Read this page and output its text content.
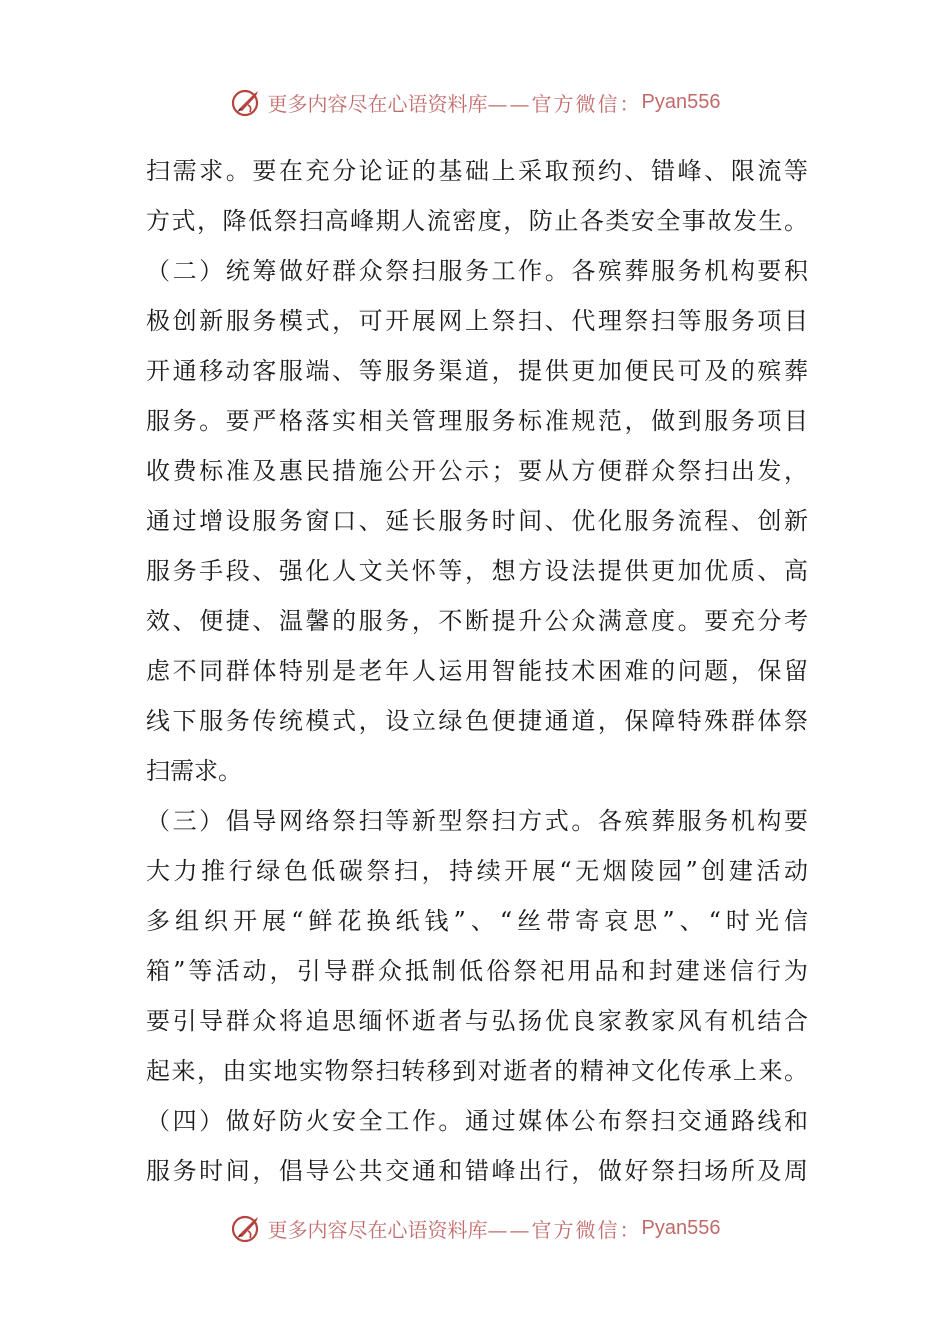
更多内容尽在心语资料库 ——官方微信： Pyan556
扫需求。要在充分论证的基础上采取预约、错峰、限流等
方式，降低祭扫高峰期人流密度，防止各类安全事故发生。
（二）统筹做好群众祭扫服务工作。各殡葬服务机构要积
极创新服务模式，可开展网上祭扫、代理祭扫等服务项目
开通移动客服端、等服务渠道，提供更加便民可及的殡葬
服务。要严格落实相关管理服务标准规范，做到服务项目
收费标准及惠民措施公开公示；要从方便群众祭扫出发，
通过增设服务窗口、延长服务时间、优化服务流程、创新
服务手段、强化人文关怀等，想方设法提供更加优质、高
效、便捷、温馨的服务，不断提升公众满意度。要充分考
虑不同群体特别是老年人运用智能技术困难的问题，保留
线下服务传统模式，设立绿色便捷通道，保障特殊群体祭
扫需求。
（三）倡导网络祭扫等新型祭扫方式。各殡葬服务机构要
大力推行绿色低碳祭扫，持续开展“无烟陵园”创建活动
多组织开展“鲜花换纸钱”、“丝带寄哀思”、“时光信
箱”等活动，引导群众抵制低俗祭祀用品和封建迷信行为
要引导群众将追思缅怀逝者与弘扬优良家教家风有机结合
起来，由实地实物祭扫转移到对逝者的精神文化传承上来。
（四）做好防火安全工作。通过媒体公布祭扫交通路线和
服务时间，倡导公共交通和错峰出行，做好祭扫场所及周
更多内容尽在心语资料库 ——官方微信： Pyan556
